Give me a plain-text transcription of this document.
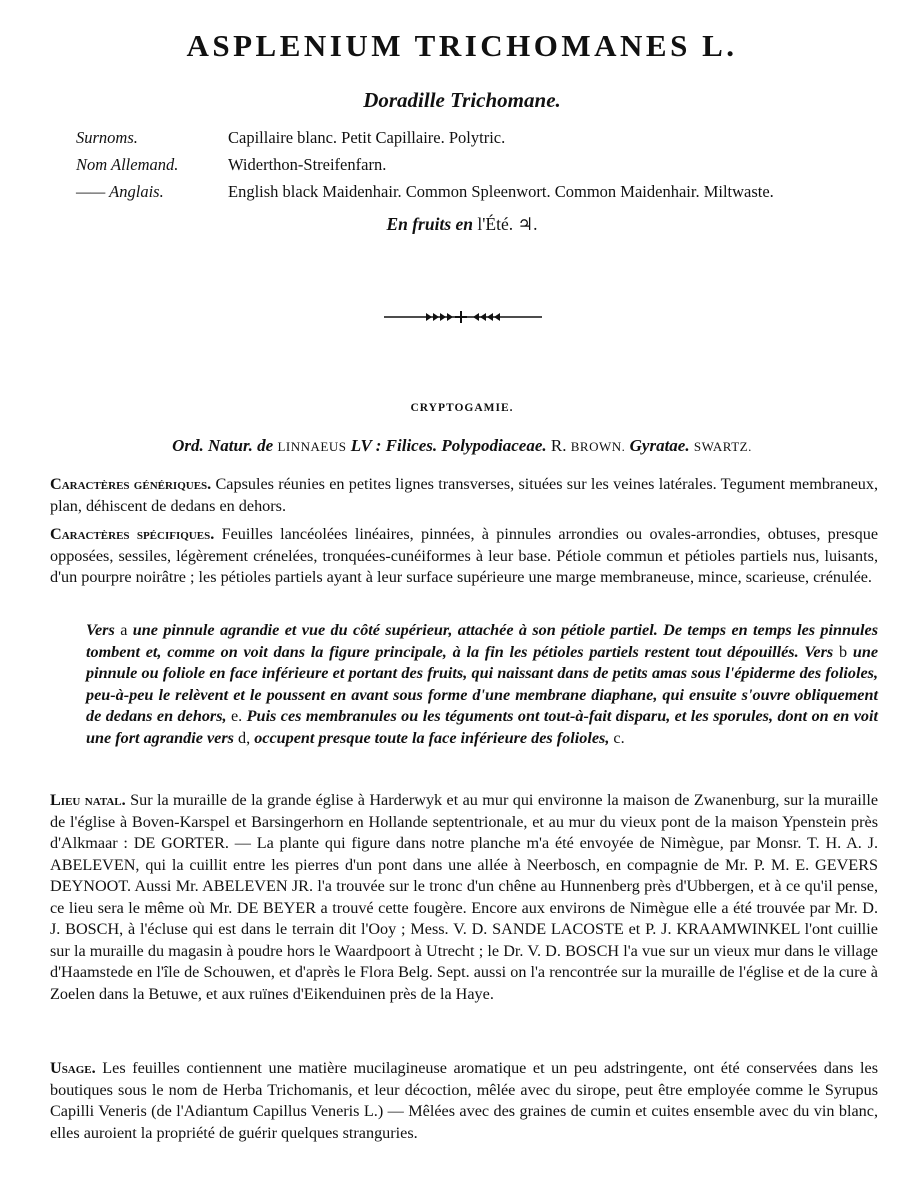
ASPLENIUM TRICHOMANES L.
Doradille Trichomane.
Surnoms.	Capillaire blanc. Petit Capillaire. Polytric.
Nom Allemand.	Widerthon-Streifenfarn.
—— Anglais.	English black Maidenhair. Common Spleenwort. Common Maidenhair. Miltwaste.
En fruits en l'Été. ♃.
CRYPTOGAMIE.
Ord. Natur. de LINNAEUS LV : Filices. Polypodiaceae. R. BROWN. Gyratae. SWARTZ.

Caractères génériques. Capsules réunies en petites lignes transverses, situées sur les veines latérales. Tegument membraneux, plan, déhiscent de dedans en dehors.

Caractères spécifiques. Feuilles lancéolées linéaires, pinnées, à pinnules arrondies ou ovales-arrondies, obtuses, presque opposées, sessiles, légèrement crénelées, tronquées-cunéiformes à leur base. Pétiole commun et pétioles partiels nus, luisants, d'un pourpre noirâtre ; les pétioles partiels ayant à leur surface supérieure une marge membraneuse, mince, scarieuse, crénulée.

Vers a une pinnule agrandie et vue du côté supérieur, attachée à son pétiole partiel. De temps en temps les pinnules tombent et, comme on voit dans la figure principale, à la fin les pétioles partiels restent tout dépouillés. Vers b une pinnule ou foliole en face inférieure et portant des fruits, qui naissant dans de petits amas sous l'épiderme des folioles, peu-à-peu le relèvent et le poussent en avant sous forme d'une membrane diaphane, qui ensuite s'ouvre obliquement de dedans en dehors, e. Puis ces membranules ou les téguments ont tout-à-fait disparu, et les sporules, dont on en voit une fort agrandie vers d, occupent presque toute la face inférieure des folioles, c.

Lieu natal. Sur la muraille de la grande église à Harderwyk et au mur qui environne la maison de Zwanenburg, sur la muraille de l'église à Boven-Karspel et Barsingerhorn en Hollande septentrionale, et au mur du vieux pont de la maison Ypenstein près d'Alkmaar : DE GORTER. — La plante qui figure dans notre planche m'a été envoyée de Nimègue, par Monsr. T. H. A. J. ABELEVEN, qui la cuillit entre les pierres d'un pont dans une allée à Neerbosch, en compagnie de Mr. P. M. E. GEVERS DEYNOOT. Aussi Mr. ABELEVEN JR. l'a trouvée sur le tronc d'un chêne au Hunnenberg près d'Ubbergen, et à ce qu'il pense, ce lieu sera le même où Mr. DE BEYER a trouvé cette fougère. Encore aux environs de Nimègue elle a été trouvée par Mr. D. J. BOSCH, à l'écluse qui est dans le terrain dit l'Ooy ; Mess. V. D. SANDE LACOSTE et P. J. KRAAMWINKEL l'ont cuillie sur la muraille du magasin à poudre hors le Waardpoort à Utrecht ; le Dr. V. D. BOSCH l'a vue sur un vieux mur dans le village d'Haamstede en l'île de Schouwen, et d'après le Flora Belg. Sept. aussi on l'a rencontrée sur la muraille de l'église et de la cure à Zoelen dans la Betuwe, et aux ruïnes d'Eikenduinen près de la Haye.

Usage. Les feuilles contiennent une matière mucilagineuse aromatique et un peu adstringente, ont été conservées dans les boutiques sous le nom de Herba Trichomanis, et leur décoction, mêlée avec du sirope, peut être employée comme le Syrupus Capilli Veneris (de l'Adiantum Capillus Veneris L.) — Mêlées avec des graines de cumin et cuites ensemble avec du vin blanc, elles auroient la propriété de guérir quelques stranguries.
